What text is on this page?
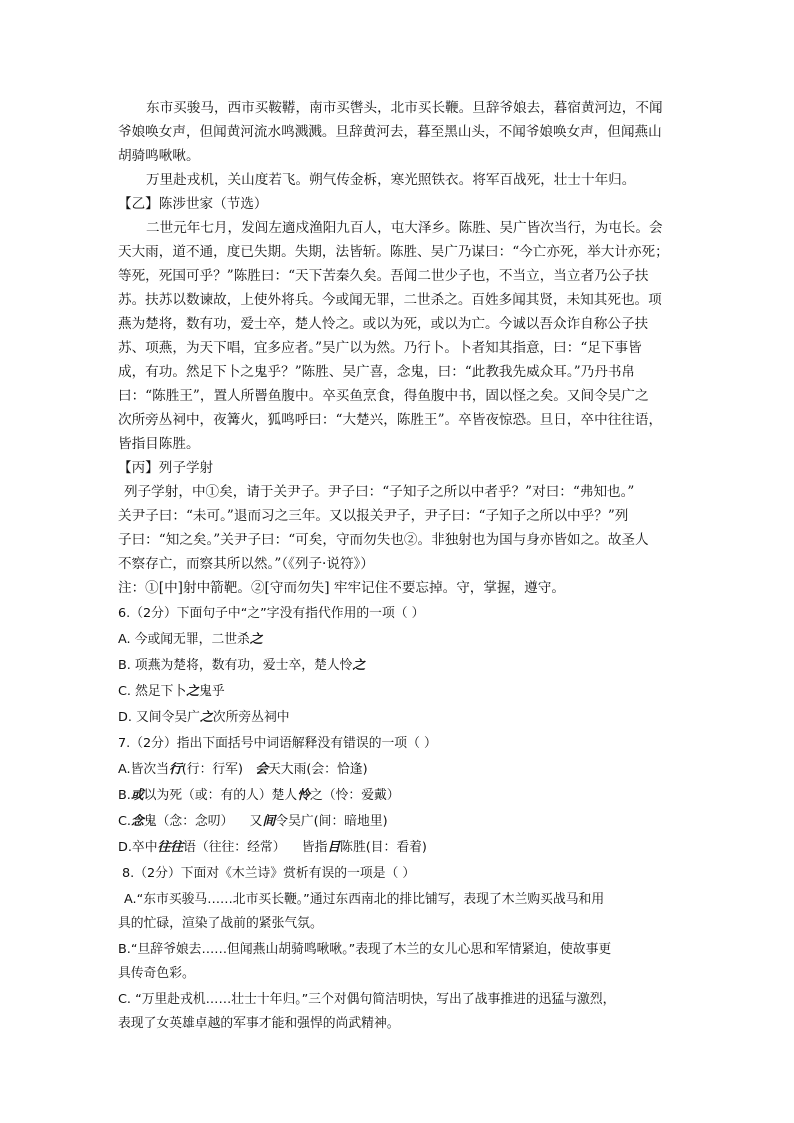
东市买骏马，西市买鞍鞯，南市买辔头，北市买长鞭。旦辞爷娘去，暮宿黄河边，不闻
爷娘唤女声，但闻黄河流水鸣溅溅。旦辞黄河去，暮至黑山头，不闻爷娘唤女声，但闻燕山
胡骑鸣啾啾。
万里赴戎机，关山度若飞。朔气传金柝，寒光照铁衣。将军百战死，壮士十年归。
【乙】陈涉世家（节选）
二世元年七月，发闾左適戍渔阳九百人，屯大泽乡。陈胜、吴广皆次当行，为屯长。会
天大雨，道不通，度已失期。失期，法皆斩。陈胜、吴广乃谋曰：“今亡亦死，举大计亦死；
等死，死国可乎？”陈胜曰：“天下苦秦久矣。吾闻二世少子也，不当立，当立者乃公子扶
苏。扶苏以数谏故，上使外将兵。今或闻无罪，二世杀之。百姓多闻其贤，未知其死也。项
燕为楚将，数有功，爱士卒，楚人怜之。或以为死，或以为亡。今诚以吾众诈自称公子扶
苏、项燕，为天下唱，宜多应者。”吴广以为然。乃行卜。卜者知其指意，曰：“足下事皆
成，有功。然足下卜之鬼乎？”陈胜、吴广喜，念鬼，曰：“此教我先威众耳。”乃丹书帛
曰：“陈胜王”，置人所罾鱼腹中。卒买鱼烹食，得鱼腹中书，固以怪之矣。又间令吴广之
次所旁丛祠中，夜篝火，狐鸣呼曰：“大楚兴，陈胜王”。卒皆夜惊恐。旦日，卒中往往语，
皆指目陈胜。
【丙】列子学射
列子学射，中①矣，请于关尹子。尹子曰：“子知子之所以中者乎？”对曰：“弗知也。”
关尹子曰：“未可。”退而习之三年。又以报关尹子，尹子曰：“子知子之所以中乎？”列
子曰：“知之矣。”关尹子曰：“可矣，守而勿失也②。非独射也为国与身亦皆如之。故圣人
不察存亡，而察其所以然。”（《列子·说符》）
注：①[中]射中箭靶。②[守而勿失] 牢牢记住不要忘掉。守，掌握，遵守。
6.（2分）下面句子中“之”字没有指代作用的一项（ ）
A. 今或闻无罪，二世杀之
B. 项燕为楚将，数有功，爱士卒，楚人怜之
C. 然足下卜之鬼乎
D. 又间令吴广之次所旁丛祠中
7.（2分）指出下面括号中词语解释没有错误的一项（ ）
A.皆次当行(行：行军) 会天大雨(会：恰逢)
B.或以为死（或：有的人）楚人怜之（怜：爱戴）
C.念鬼（念：念叨） 又间令吴广(间：暗地里)
D.卒中往往语（往往：经常） 皆指目陈胜(目：看着)
8.（2分）下面对《木兰诗》赏析有误的一项是（ ）
A.“东市买骏马……北市买长鞭。”通过东西南北的排比铺写，表现了木兰购买战马和用
具的忙碌，渲染了战前的紧张气氛。
B.“旦辞爷娘去……但闻燕山胡骑鸣啾啾。”表现了木兰的女儿心思和军情紧迫，使故事更
具传奇色彩。
C. “万里赴戎机……壮士十年归。”三个对偶句简洁明快，写出了战事推进的迅猛与激烈，
表现了女英雄卓越的军事才能和强悍的尚武精神。
